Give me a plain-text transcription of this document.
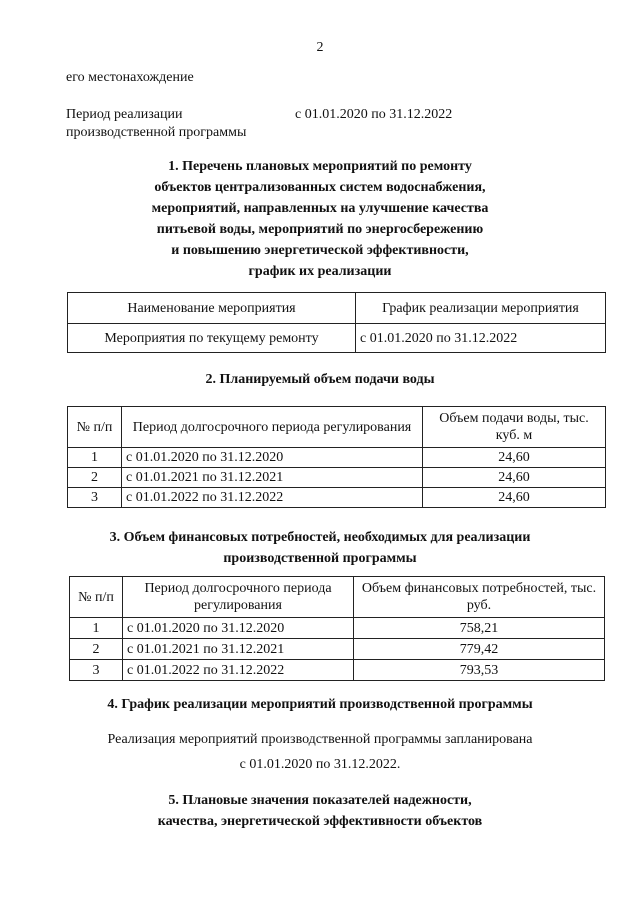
2
его местонахождение
Период реализации
производственной программы
с 01.01.2020 по 31.12.2022
1. Перечень плановых мероприятий по ремонту
объектов централизованных систем водоснабжения,
мероприятий, направленных на улучшение качества
питьевой воды, мероприятий по энергосбережению
и повышению энергетической эффективности,
график их реализации
Наименование мероприятия	График реализации мероприятия
Мероприятия по текущему ремонту	с 01.01.2020 по 31.12.2022
2. Планируемый объем подачи воды
№ п/п	Период долгосрочного периода регулирования	Объем подачи воды, тыс. куб. м
1	с 01.01.2020 по 31.12.2020	24,60
2	с 01.01.2021 по 31.12.2021	24,60
3	с 01.01.2022 по 31.12.2022	24,60
3. Объем финансовых потребностей, необходимых для реализации
производственной программы
№ п/п	Период долгосрочного периода регулирования	Объем финансовых потребностей, тыс. руб.
1	с 01.01.2020 по 31.12.2020	758,21
2	с 01.01.2021 по 31.12.2021	779,42
3	с 01.01.2022 по 31.12.2022	793,53
4. График реализации мероприятий производственной программы
Реализация мероприятий производственной программы запланирована
с 01.01.2020 по 31.12.2022.
5. Плановые значения показателей надежности,
качества, энергетической эффективности объектов
